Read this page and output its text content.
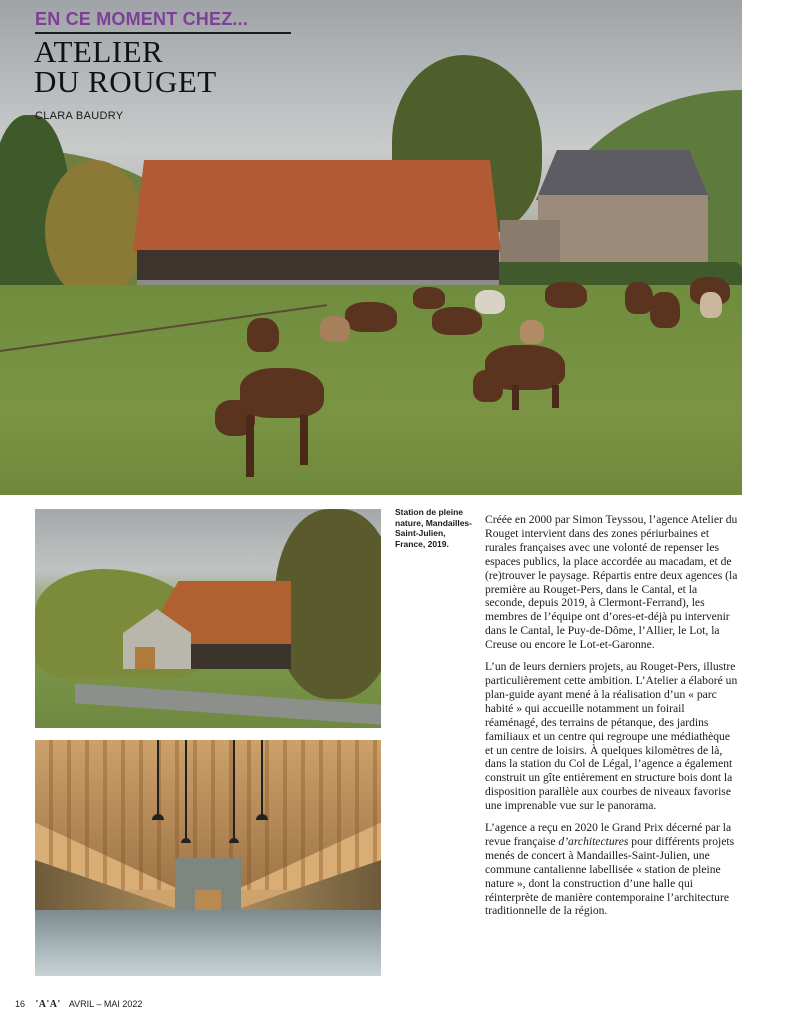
EN CE MOMENT CHEZ...
ATELIER
DU ROUGET
CLARA BAUDRY
Station de pleine nature, Mandailles-Saint-Julien, France, 2019.

Créée en 2000 par Simon Teyssou, l’agence Atelier du Rouget intervient dans des zones périurbaines et rurales françaises avec une volonté de repenser les espaces publics, la place accordée au macadam, et de (re)trouver le paysage. Répartis entre deux agences (la première au Rouget-Pers, dans le Cantal, et la seconde, depuis 2019, à Clermont-Ferrand), les membres de l’équipe ont d’ores-et-déjà pu intervenir dans le Cantal, le Puy-de-Dôme, l’Allier, le Lot, la Creuse ou encore le Lot-et-Garonne.

L’un de leurs derniers projets, au Rouget-Pers, illustre particulièrement cette ambition. L’Atelier a élaboré un plan-guide ayant mené à la réalisation d’un « parc habité » qui accueille notamment un foirail réaménagé, des terrains de pétanque, des jardins familiaux et un centre qui regroupe une médiathèque et un centre de loisirs. À quelques kilomètres de là, dans la station du Col de Légal, l’agence a également construit un gîte entièrement en structure bois dont la disposition parallèle aux courbes de niveaux favorise une imprenable vue sur le panorama.

L’agence a reçu en 2020 le Grand Prix décerné par la revue française d’architectures pour différents projets menés de concert à Mandailles-Saint-Julien, une commune cantalienne labellisée « station de pleine nature », dont la construction d’une halle qui réinterprète de manière contemporaine l’architecture traditionnelle de la région.

16 'A'A' AVRIL – MAI 2022
